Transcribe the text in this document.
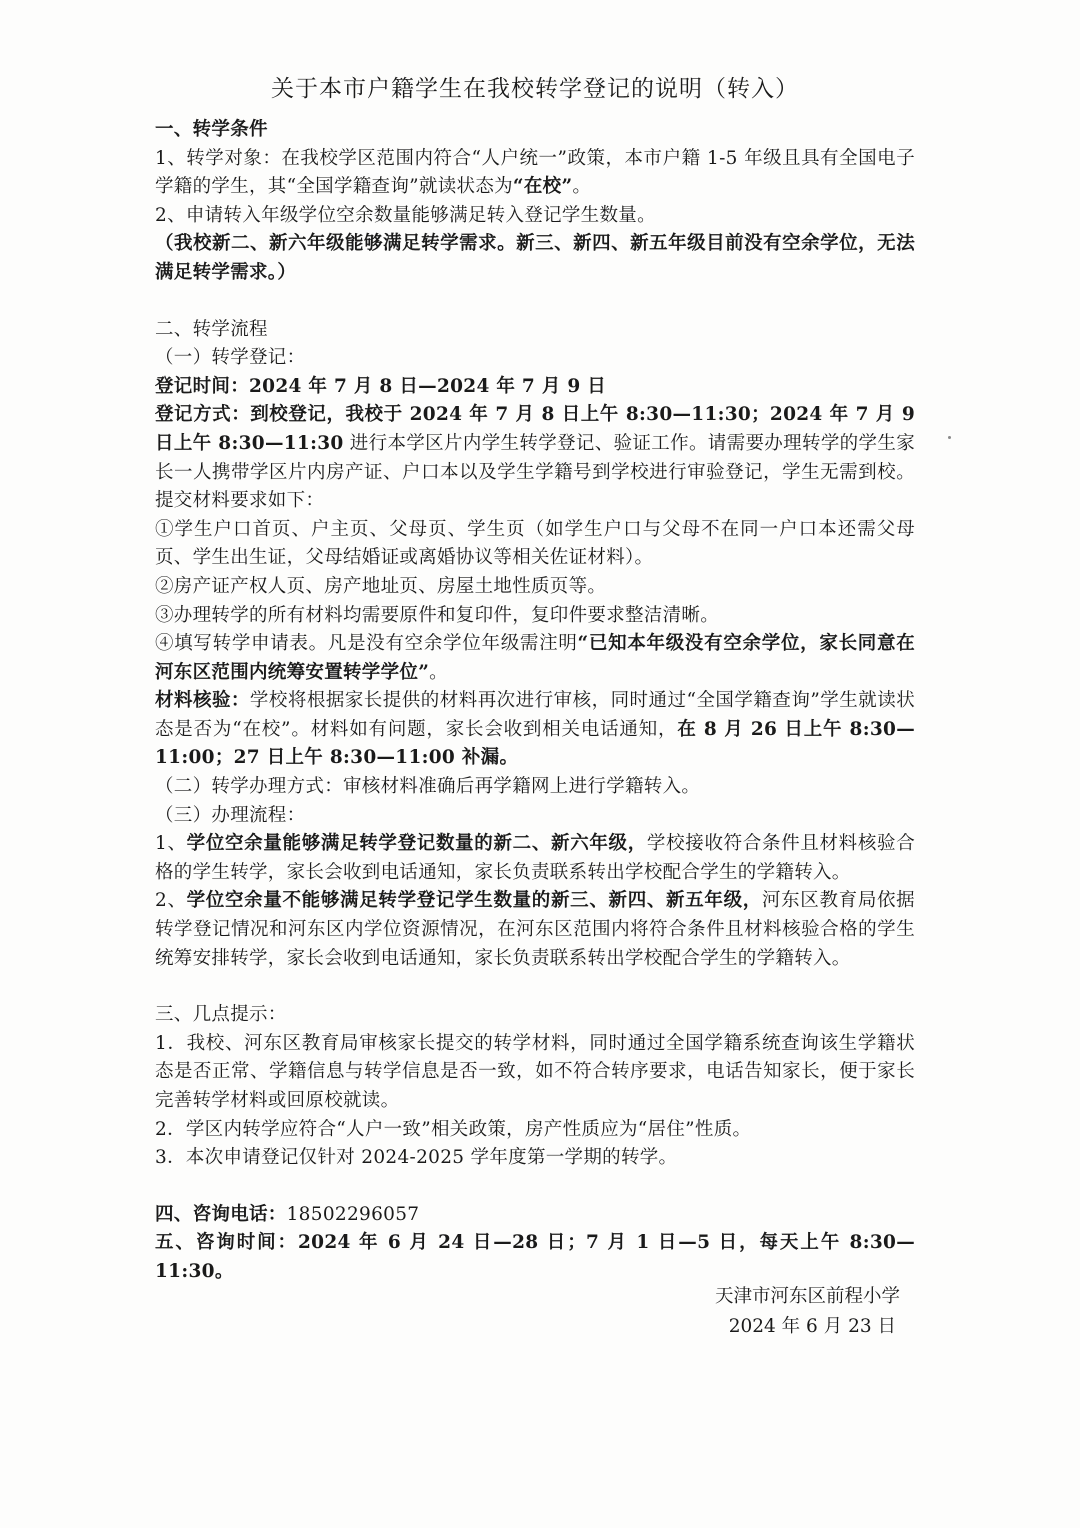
关于本市户籍学生在我校转学登记的说明（转入）

一、转学条件

1、转学对象：在我校学区范围内符合“人户统一”政策，本市户籍 1-5 年级且具有全国电子学籍的学生，其“全国学籍查询”就读状态为“在校”。

2、申请转入年级学位空余数量能够满足转入登记学生数量。

（我校新二、新六年级能够满足转学需求。新三、新四、新五年级目前没有空余学位，无法满足转学需求。）

二、转学流程

（一）转学登记：

登记时间：2024 年 7 月 8 日—2024 年 7 月 9 日

登记方式：到校登记，我校于 2024 年 7 月 8 日上午 8:30—11:30；2024 年 7 月 9 日上午 8:30—11:30 进行本学区片内学生转学登记、验证工作。请需要办理转学的学生家长一人携带学区片内房产证、户口本以及学生学籍号到学校进行审验登记，学生无需到校。提交材料要求如下：

①学生户口首页、户主页、父母页、学生页（如学生户口与父母不在同一户口本还需父母页、学生出生证，父母结婚证或离婚协议等相关佐证材料）。

②房产证产权人页、房产地址页、房屋土地性质页等。

③办理转学的所有材料均需要原件和复印件，复印件要求整洁清晰。

④填写转学申请表。凡是没有空余学位年级需注明“已知本年级没有空余学位，家长同意在河东区范围内统筹安置转学学位”。

材料核验：学校将根据家长提供的材料再次进行审核，同时通过“全国学籍查询”学生就读状态是否为“在校”。材料如有问题，家长会收到相关电话通知，在 8 月 26 日上午 8:30—11:00；27 日上午 8:30—11:00 补漏。

（二）转学办理方式：审核材料准确后再学籍网上进行学籍转入。

（三）办理流程：

1、学位空余量能够满足转学登记数量的新二、新六年级，学校接收符合条件且材料核验合格的学生转学，家长会收到电话通知，家长负责联系转出学校配合学生的学籍转入。

2、学位空余量不能够满足转学登记学生数量的新三、新四、新五年级，河东区教育局依据转学登记情况和河东区内学位资源情况，在河东区范围内将符合条件且材料核验合格的学生统筹安排转学，家长会收到电话通知，家长负责联系转出学校配合学生的学籍转入。

三、几点提示：

1．我校、河东区教育局审核家长提交的转学材料，同时通过全国学籍系统查询该生学籍状态是否正常、学籍信息与转学信息是否一致，如不符合转序要求，电话告知家长，便于家长完善转学材料或回原校就读。

2．学区内转学应符合“人户一致”相关政策，房产性质应为“居住”性质。

3．本次申请登记仅针对 2024-2025 学年度第一学期的转学。

四、咨询电话：18502296057

五、咨询时间：2024 年 6 月 24 日—28 日；7 月 1 日—5 日，每天上午 8:30—11:30。

天津市河东区前程小学
2024 年 6 月 23 日
